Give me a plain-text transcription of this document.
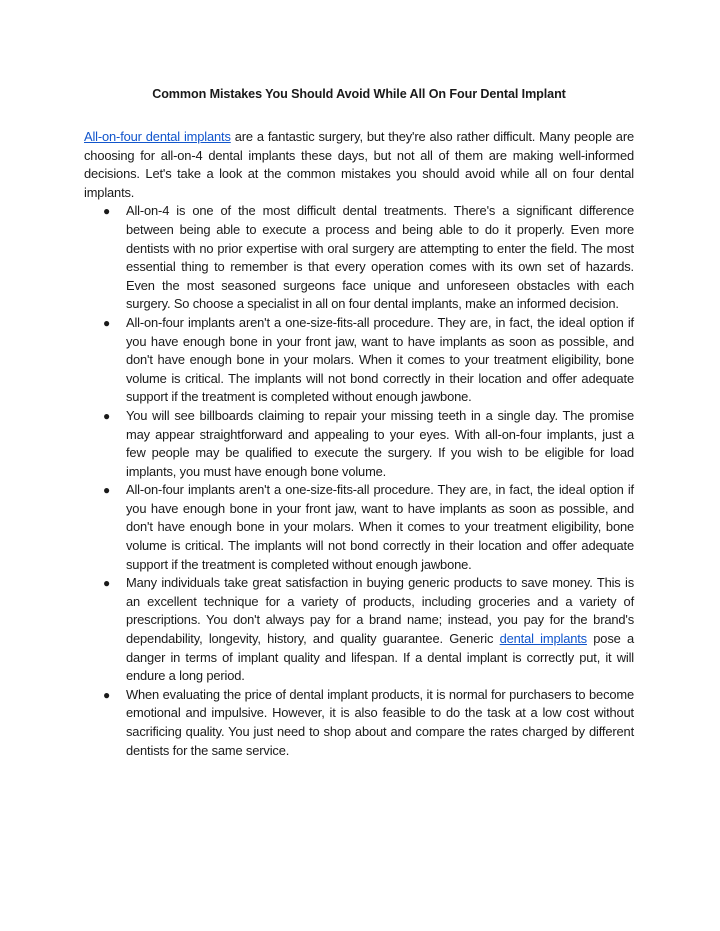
Common Mistakes You Should Avoid While All On Four Dental Implant

All-on-four dental implants are a fantastic surgery, but they're also rather difficult. Many people are choosing for all-on-4 dental implants these days, but not all of them are making well-informed decisions. Let's take a look at the common mistakes you should avoid while all on four dental implants.

● All-on-4 is one of the most difficult dental treatments. There's a significant difference between being able to execute a process and being able to do it properly. Even more dentists with no prior expertise with oral surgery are attempting to enter the field. The most essential thing to remember is that every operation comes with its own set of hazards. Even the most seasoned surgeons face unique and unforeseen obstacles with each surgery. So choose a specialist in all on four dental implants, make an informed decision.
● All-on-four implants aren't a one-size-fits-all procedure. They are, in fact, the ideal option if you have enough bone in your front jaw, want to have implants as soon as possible, and don't have enough bone in your molars. When it comes to your treatment eligibility, bone volume is critical. The implants will not bond correctly in their location and offer adequate support if the treatment is completed without enough jawbone.
● You will see billboards claiming to repair your missing teeth in a single day. The promise may appear straightforward and appealing to your eyes. With all-on-four implants, just a few people may be qualified to execute the surgery. If you wish to be eligible for load implants, you must have enough bone volume.
● All-on-four implants aren't a one-size-fits-all procedure. They are, in fact, the ideal option if you have enough bone in your front jaw, want to have implants as soon as possible, and don't have enough bone in your molars. When it comes to your treatment eligibility, bone volume is critical. The implants will not bond correctly in their location and offer adequate support if the treatment is completed without enough jawbone.
● Many individuals take great satisfaction in buying generic products to save money. This is an excellent technique for a variety of products, including groceries and a variety of prescriptions. You don't always pay for a brand name; instead, you pay for the brand's dependability, longevity, history, and quality guarantee. Generic dental implants pose a danger in terms of implant quality and lifespan. If a dental implant is correctly put, it will endure a long period.
● When evaluating the price of dental implant products, it is normal for purchasers to become emotional and impulsive. However, it is also feasible to do the task at a low cost without sacrificing quality. You just need to shop about and compare the rates charged by different dentists for the same service.
